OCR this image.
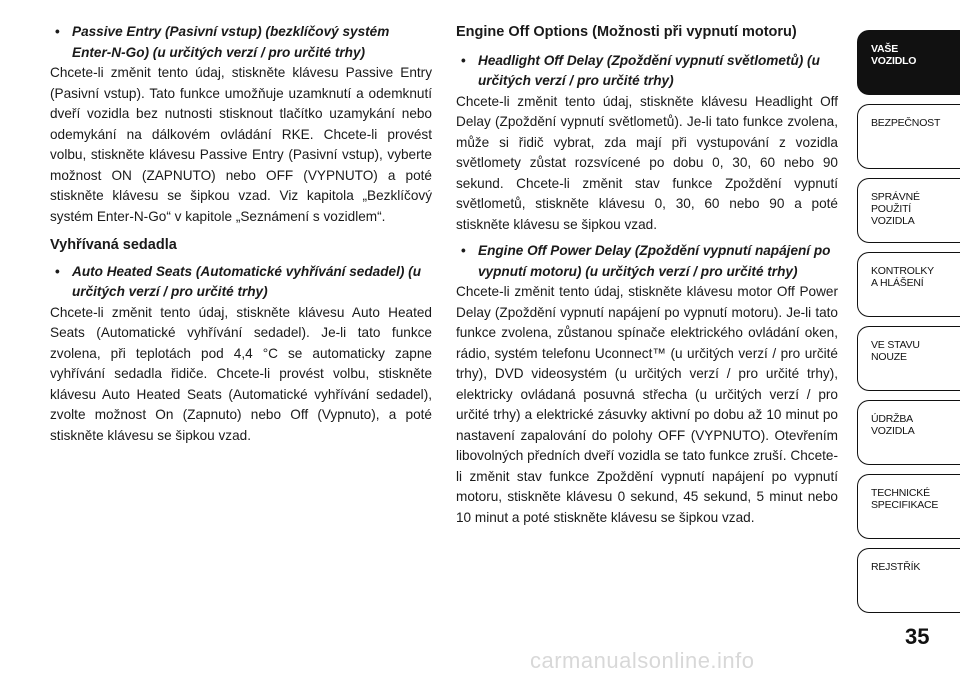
• Passive Entry (Pasivní vstup) (bezklíčový systém Enter-N-Go) (u určitých verzí / pro určité trhy)

Chcete-li změnit tento údaj, stiskněte klávesu Passive Entry (Pasivní vstup). Tato funkce umožňuje uzamknutí a odemknutí dveří vozidla bez nutnosti stisknout tlačítko uzamykání nebo odemykání na dálkovém ovládání RKE. Chcete-li provést volbu, stiskněte klávesu Passive Entry (Pasivní vstup), vyberte možnost ON (ZAPNUTO) nebo OFF (VYPNUTO) a poté stiskněte klávesu se šipkou vzad. Viz kapitola „Bezklíčový systém Enter-N-Go“ v kapitole „Seznámení s vozidlem“.

Vyhřívaná sedadla

• Auto Heated Seats (Automatické vyhřívání sedadel) (u určitých verzí / pro určité trhy)

Chcete-li změnit tento údaj, stiskněte klávesu Auto Heated Seats (Automatické vyhřívání sedadel). Je-li tato funkce zvolena, při teplotách pod 4,4 °C se automaticky zapne vyhřívání sedadla řidiče. Chcete-li provést volbu, stiskněte klávesu Auto Heated Seats (Automatické vyhřívání sedadel), zvolte možnost On (Zapnuto) nebo Off (Vypnuto), a poté stiskněte klávesu se šipkou vzad.

Engine Off Options (Možnosti při vypnutí motoru)

• Headlight Off Delay (Zpoždění vypnutí světlometů) (u určitých verzí / pro určité trhy)

Chcete-li změnit tento údaj, stiskněte klávesu Headlight Off Delay (Zpoždění vypnutí světlometů). Je-li tato funkce zvolena, může si řidič vybrat, zda mají při vystupování z vozidla světlomety zůstat rozsvícené po dobu 0, 30, 60 nebo 90 sekund. Chcete-li změnit stav funkce Zpoždění vypnutí světlometů, stiskněte klávesu 0, 30, 60 nebo 90 a poté stiskněte klávesu se šipkou vzad.

• Engine Off Power Delay (Zpoždění vypnutí napájení po vypnutí motoru) (u určitých verzí / pro určité trhy)

Chcete-li změnit tento údaj, stiskněte klávesu motor Off Power Delay (Zpoždění vypnutí napájení po vypnutí motoru). Je-li tato funkce zvolena, zůstanou spínače elektrického ovládání oken, rádio, systém telefonu Uconnect™ (u určitých verzí / pro určité trhy), DVD videosystém (u určitých verzí / pro určité trhy), elektricky ovládaná posuvná střecha (u určitých verzí / pro určité trhy) a elektrické zásuvky aktivní po dobu až 10 minut po nastavení zapalování do polohy OFF (VYPNUTO). Otevřením libovolných předních dveří vozidla se tato funkce zruší. Chcete-li změnit stav funkce Zpoždění vypnutí napájení po vypnutí motoru, stiskněte klávesu 0 sekund, 45 sekund, 5 minut nebo 10 minut a poté stiskněte klávesu se šipkou vzad.

VAŠE
VOZIDLO
BEZPEČNOST
SPRÁVNÉ
POUŽITÍ
VOZIDLA
KONTROLKY
A HLÁŠENÍ
VE STAVU
NOUZE
ÚDRŽBA
VOZIDLA
TECHNICKÉ
SPECIFIKACE
REJSTŘÍK
35
carmanualsonline.info
